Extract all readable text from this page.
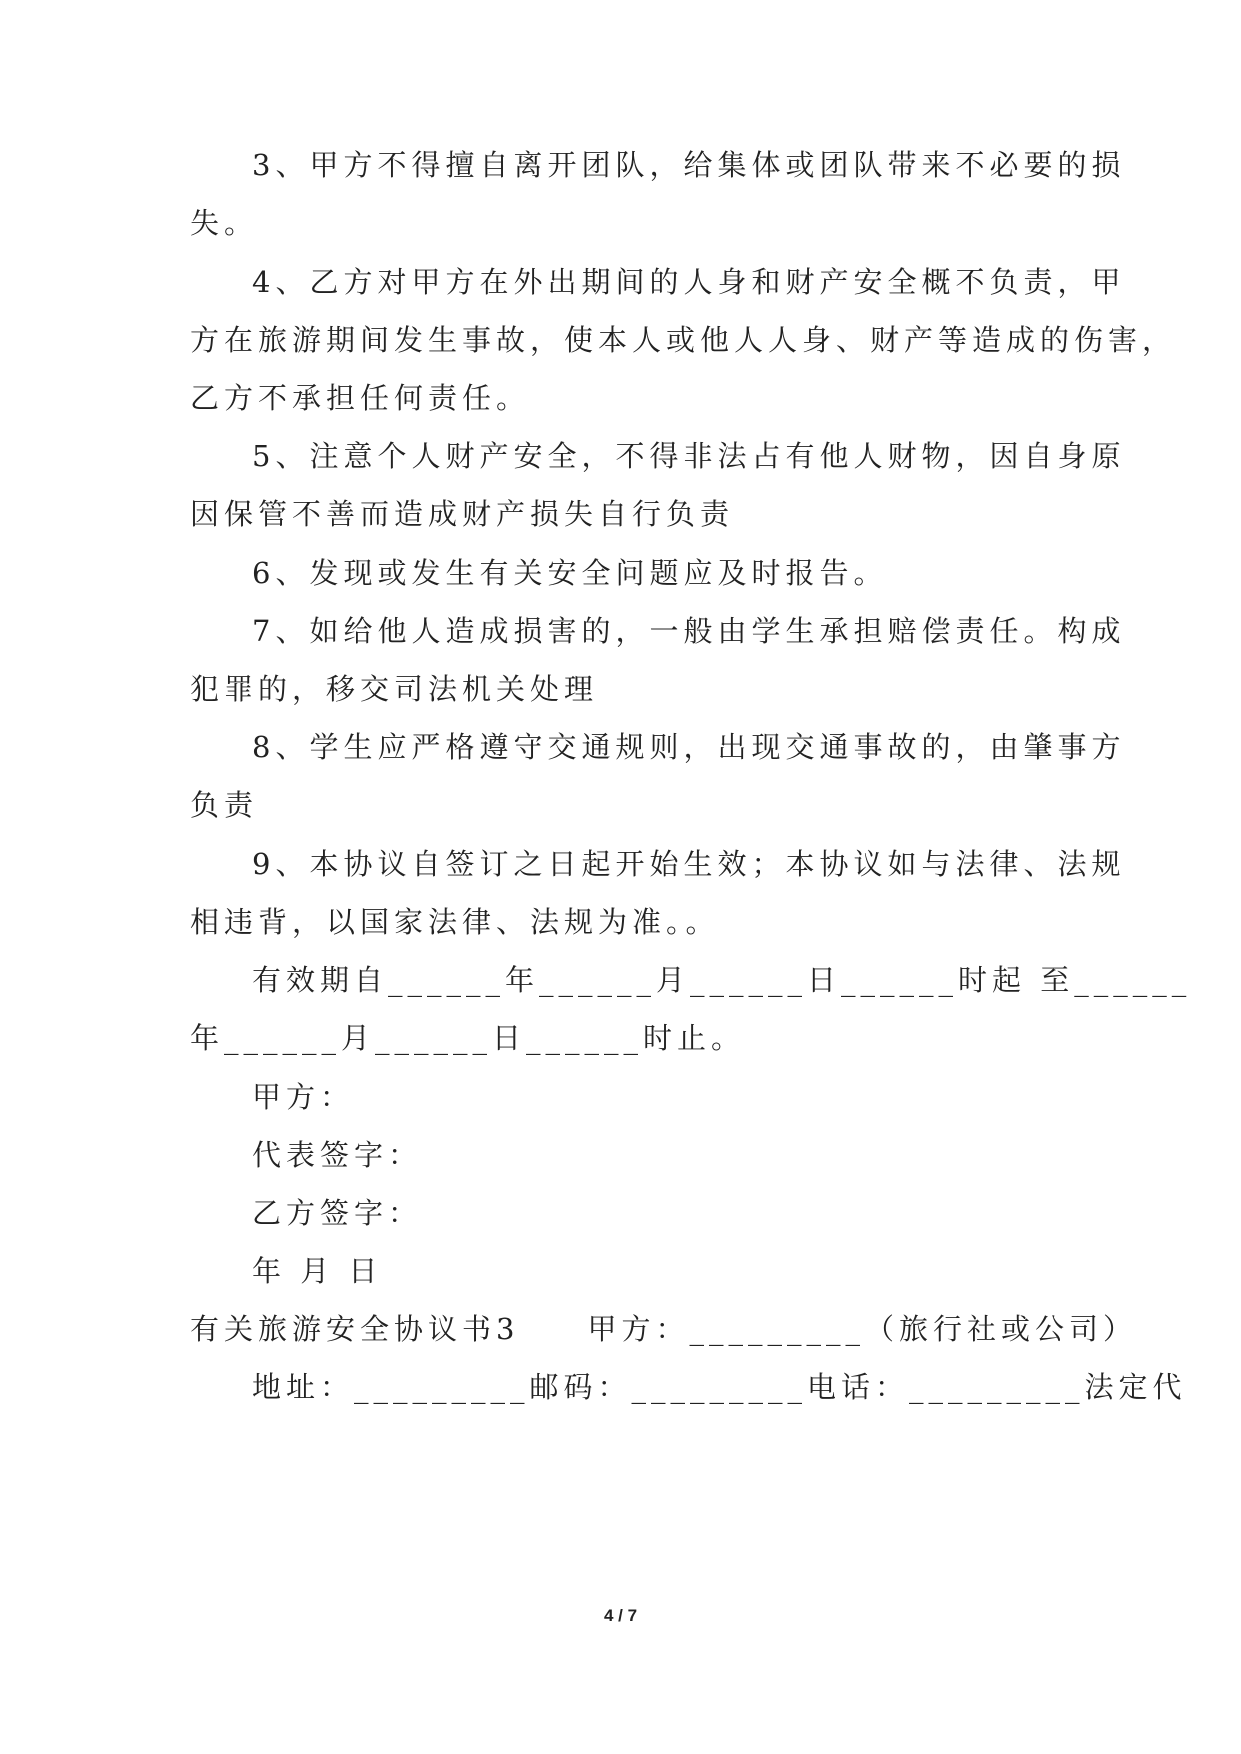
3、甲方不得擅自离开团队，给集体或团队带来不必要的损
失。
4、乙方对甲方在外出期间的人身和财产安全概不负责，甲
方在旅游期间发生事故，使本人或他人人身、财产等造成的伤害，
乙方不承担任何责任。
5、注意个人财产安全，不得非法占有他人财物，因自身原
因保管不善而造成财产损失自行负责
6、发现或发生有关安全问题应及时报告。
7、如给他人造成损害的，一般由学生承担赔偿责任。构成
犯罪的，移交司法机关处理
8、学生应严格遵守交通规则，出现交通事故的，由肇事方
负责
9、本协议自签订之日起开始生效；本协议如与法律、法规
相违背，以国家法律、法规为准。。
有效期自______年______月______日______时起 至______
年______月______日______时止。
甲方：
代表签字：
乙方签字：
年 月 日
有关旅游安全协议书3　　甲方：_________（旅行社或公司）
地址：_________邮码：_________电话：_________法定代
4 / 7
